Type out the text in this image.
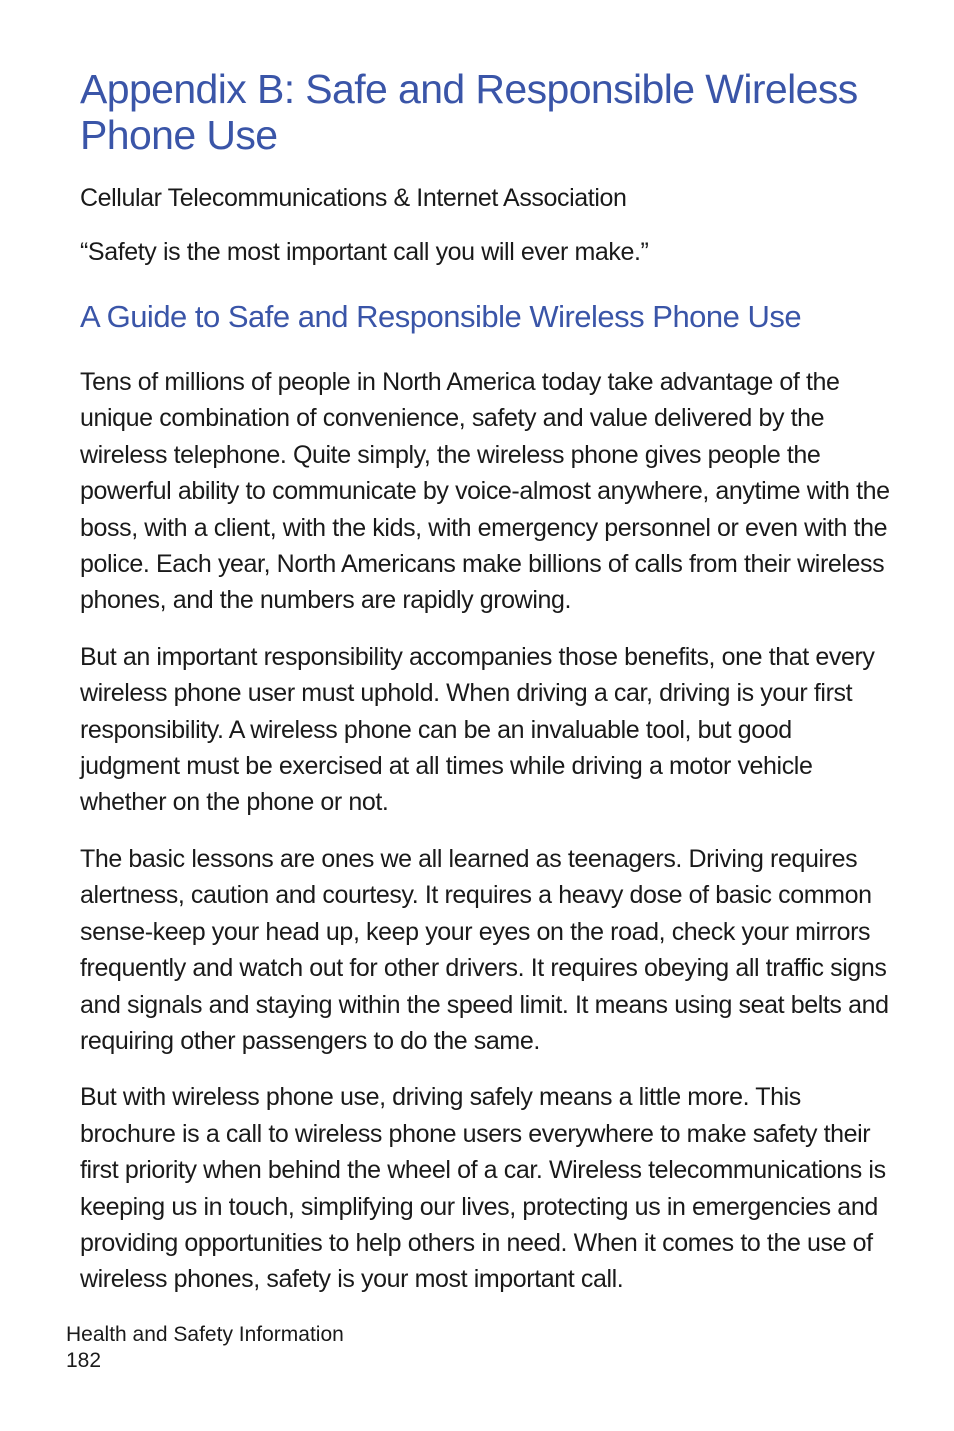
Appendix B: Safe and Responsible Wireless Phone Use

Cellular Telecommunications & Internet Association

“Safety is the most important call you will ever make.”

A Guide to Safe and Responsible Wireless Phone Use

Tens of millions of people in North America today take advantage of the unique combination of convenience, safety and value delivered by the wireless telephone. Quite simply, the wireless phone gives people the powerful ability to communicate by voice-almost anywhere, anytime with the boss, with a client, with the kids, with emergency personnel or even with the police. Each year, North Americans make billions of calls from their wireless phones, and the numbers are rapidly growing.

But an important responsibility accompanies those benefits, one that every wireless phone user must uphold. When driving a car, driving is your first responsibility. A wireless phone can be an invaluable tool, but good judgment must be exercised at all times while driving a motor vehicle whether on the phone or not.

The basic lessons are ones we all learned as teenagers. Driving requires alertness, caution and courtesy. It requires a heavy dose of basic common sense-keep your head up, keep your eyes on the road, check your mirrors frequently and watch out for other drivers. It requires obeying all traffic signs and signals and staying within the speed limit. It means using seat belts and requiring other passengers to do the same.

But with wireless phone use, driving safely means a little more. This brochure is a call to wireless phone users everywhere to make safety their first priority when behind the wheel of a car. Wireless telecommunications is keeping us in touch, simplifying our lives, protecting us in emergencies and providing opportunities to help others in need. When it comes to the use of wireless phones, safety is your most important call.

Health and Safety Information
182
